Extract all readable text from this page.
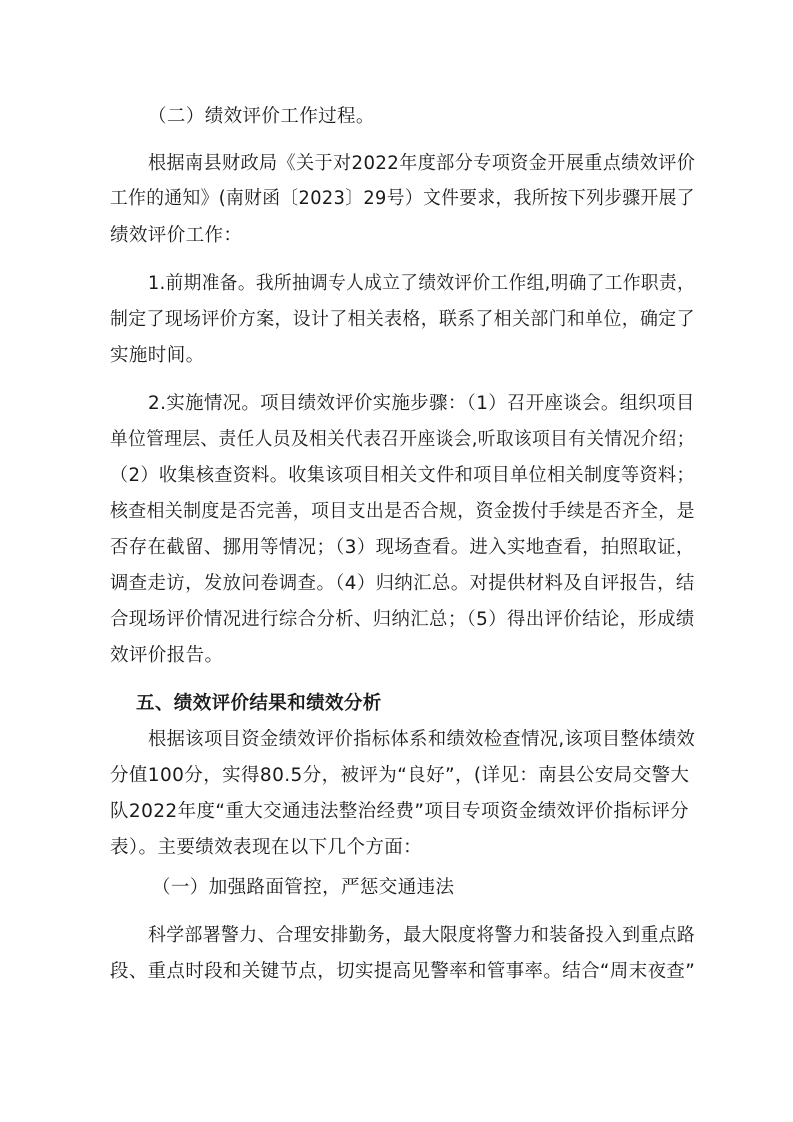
（二）绩效评价工作过程。
根据南县财政局《关于对2022年度部分专项资金开展重点绩效评价
工作的通知》(南财函〔2023〕29号）文件要求，我所按下列步骤开展了
绩效评价工作：
1.前期准备。我所抽调专人成立了绩效评价工作组,明确了工作职责，
制定了现场评价方案，设计了相关表格，联系了相关部门和单位，确定了
实施时间。
2.实施情况。项目绩效评价实施步骤：（1）召开座谈会。组织项目
单位管理层、责任人员及相关代表召开座谈会,听取该项目有关情况介绍；
（2）收集核查资料。收集该项目相关文件和项目单位相关制度等资料；
核查相关制度是否完善，项目支出是否合规，资金拨付手续是否齐全，是
否存在截留、挪用等情况；（3）现场查看。进入实地查看，拍照取证，
调查走访，发放问卷调查。（4）归纳汇总。对提供材料及自评报告，结
合现场评价情况进行综合分析、归纳汇总；（5）得出评价结论，形成绩
效评价报告。
五、绩效评价结果和绩效分析
根据该项目资金绩效评价指标体系和绩效检查情况,该项目整体绩效
分值100分，实得80.5分，被评为“良好”，(详见：南县公安局交警大
队2022年度“重大交通违法整治经费”项目专项资金绩效评价指标评分
表）。主要绩效表现在以下几个方面：
（一）加强路面管控，严惩交通违法
科学部署警力、合理安排勤务，最大限度将警力和装备投入到重点路
段、重点时段和关键节点，切实提高见警率和管事率。结合“周末夜查”
